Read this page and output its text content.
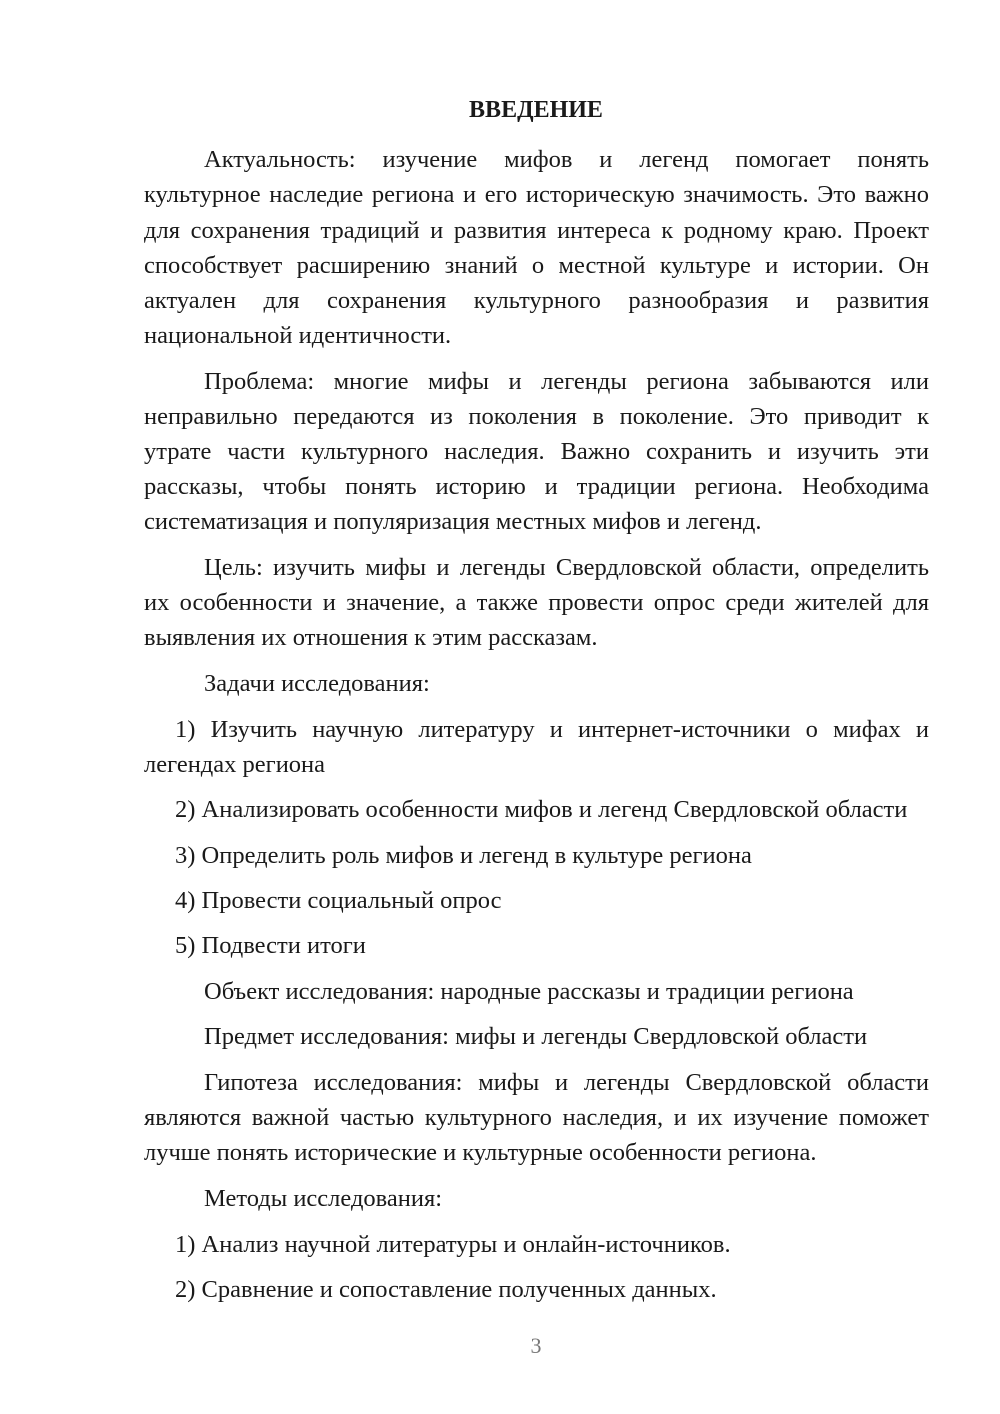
ВВЕДЕНИЕ
Актуальность: изучение мифов и легенд помогает понять
культурное наследие региона и его историческую значимость. Это важно
для сохранения традиций и развития интереса к родному краю. Проект
способствует расширению знаний о местной культуре и истории. Он
актуален для сохранения культурного разнообразия и развития
национальной идентичности.
Проблема: многие мифы и легенды региона забываются или
неправильно передаются из поколения в поколение. Это приводит к
утрате части культурного наследия. Важно сохранить и изучить эти
рассказы, чтобы понять историю и традиции региона. Необходима
систематизация и популяризация местных мифов и легенд.
Цель: изучить мифы и легенды Свердловской области, определить
их особенности и значение, а также провести опрос среди жителей для
выявления их отношения к этим рассказам.
Задачи исследования:
1) Изучить научную литературу и интернет-источники о мифах и
легендах региона
2) Анализировать особенности мифов и легенд Свердловской области
3) Определить роль мифов и легенд в культуре региона
4) Провести социальный опрос
5) Подвести итоги
Объект исследования: народные рассказы и традиции региона
Предмет исследования: мифы и легенды Свердловской области
Гипотеза исследования: мифы и легенды Свердловской области
являются важной частью культурного наследия, и их изучение поможет
лучше понять исторические и культурные особенности региона.
Методы исследования:
1) Анализ научной литературы и онлайн-источников.
2) Сравнение и сопоставление полученных данных.
3
